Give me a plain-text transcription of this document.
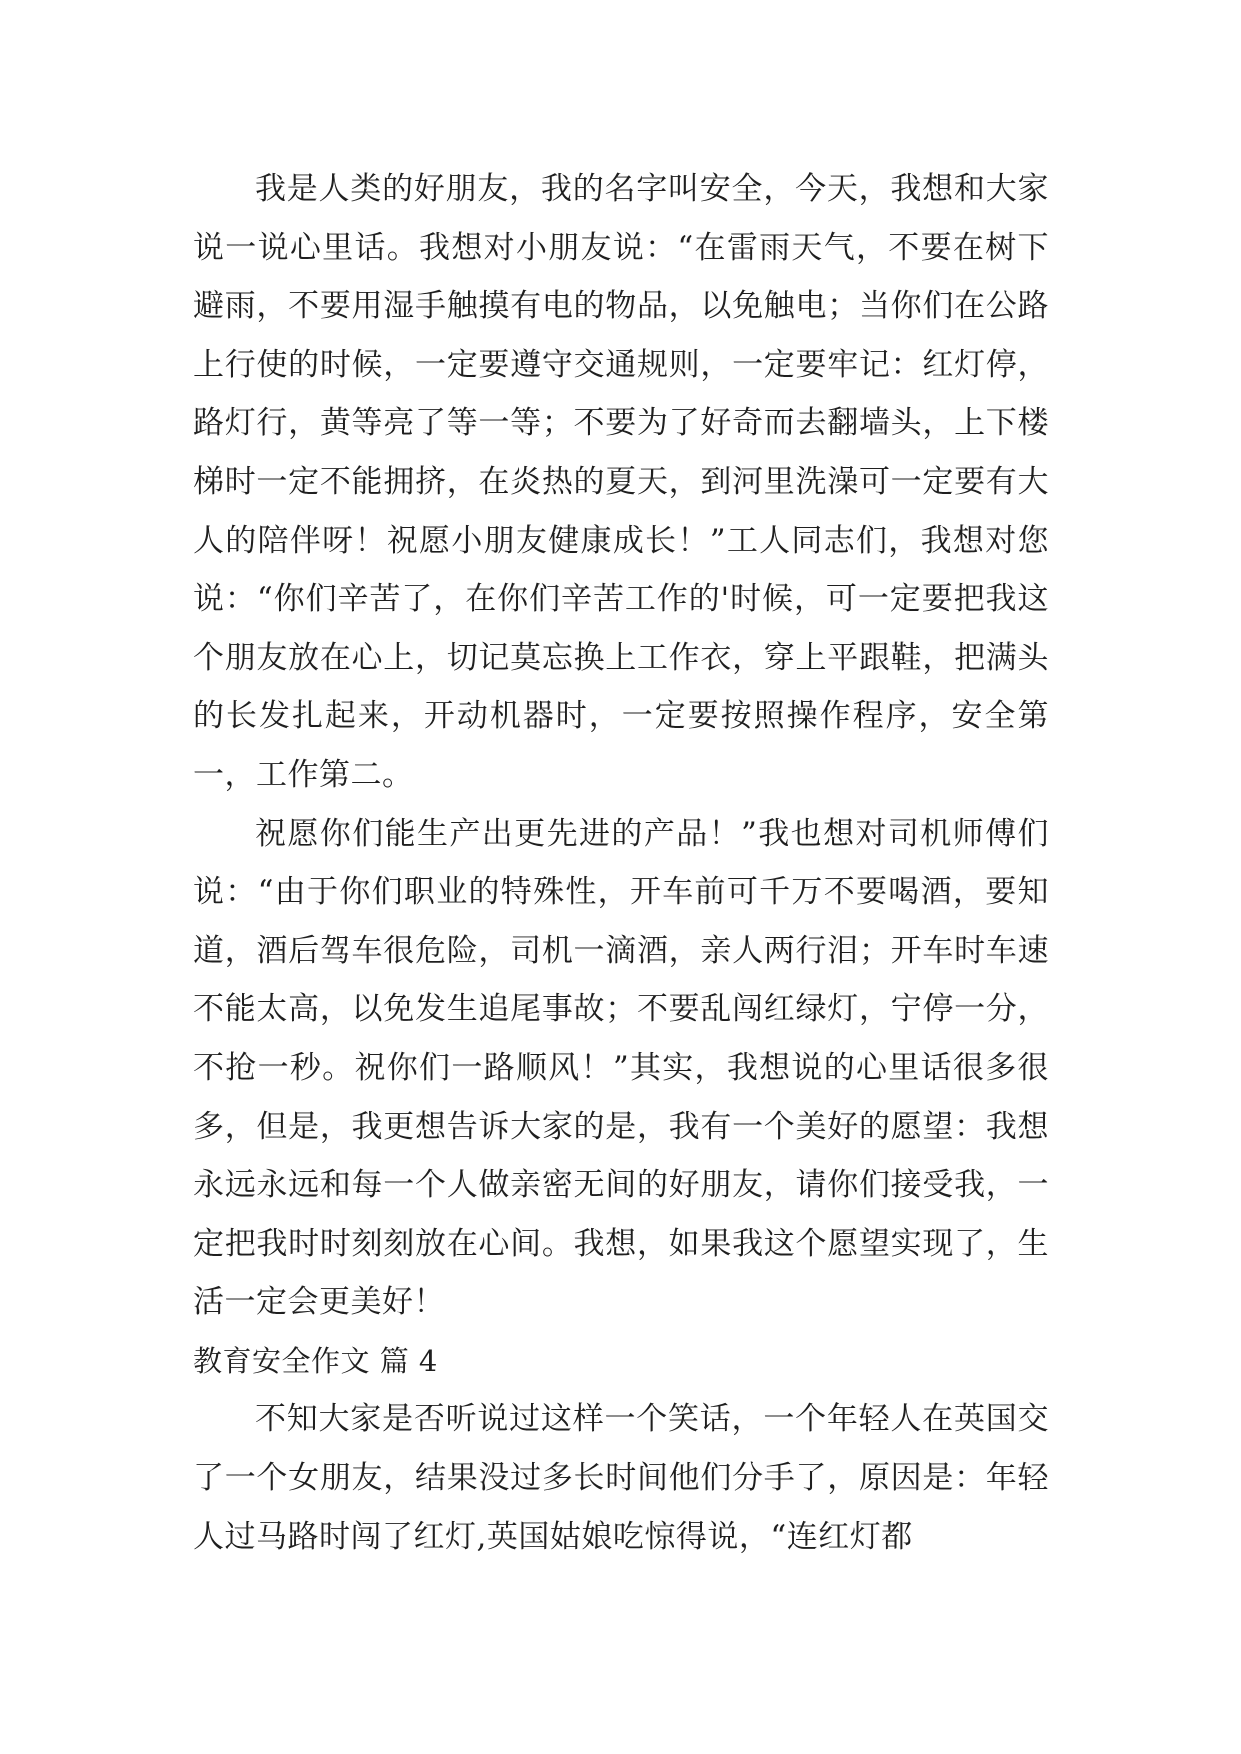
我是人类的好朋友，我的名字叫安全，今天，我想和大家说一说心里话。我想对小朋友说：“在雷雨天气，不要在树下避雨，不要用湿手触摸有电的物品，以免触电；当你们在公路上行使的时候，一定要遵守交通规则，一定要牢记：红灯停，路灯行，黄等亮了等一等；不要为了好奇而去翻墙头，上下楼梯时一定不能拥挤，在炎热的夏天，到河里洗澡可一定要有大人的陪伴呀！祝愿小朋友健康成长！”工人同志们，我想对您说：“你们辛苦了，在你们辛苦工作的'时候，可一定要把我这个朋友放在心上，切记莫忘换上工作衣，穿上平跟鞋，把满头的长发扎起来，开动机器时，一定要按照操作程序，安全第一，工作第二。

祝愿你们能生产出更先进的产品！”我也想对司机师傅们说：“由于你们职业的特殊性，开车前可千万不要喝酒，要知道，酒后驾车很危险，司机一滴酒，亲人两行泪；开车时车速不能太高，以免发生追尾事故；不要乱闯红绿灯，宁停一分，不抢一秒。祝你们一路顺风！”其实，我想说的心里话很多很多，但是，我更想告诉大家的是，我有一个美好的愿望：我想永远永远和每一个人做亲密无间的好朋友，请你们接受我，一定把我时时刻刻放在心间。我想，如果我这个愿望实现了，生活一定会更美好！

教育安全作文 篇 4

不知大家是否听说过这样一个笑话，一个年轻人在英国交了一个女朋友，结果没过多长时间他们分手了，原因是：年轻人过马路时闯了红灯,英国姑娘吃惊得说，“连红灯都
